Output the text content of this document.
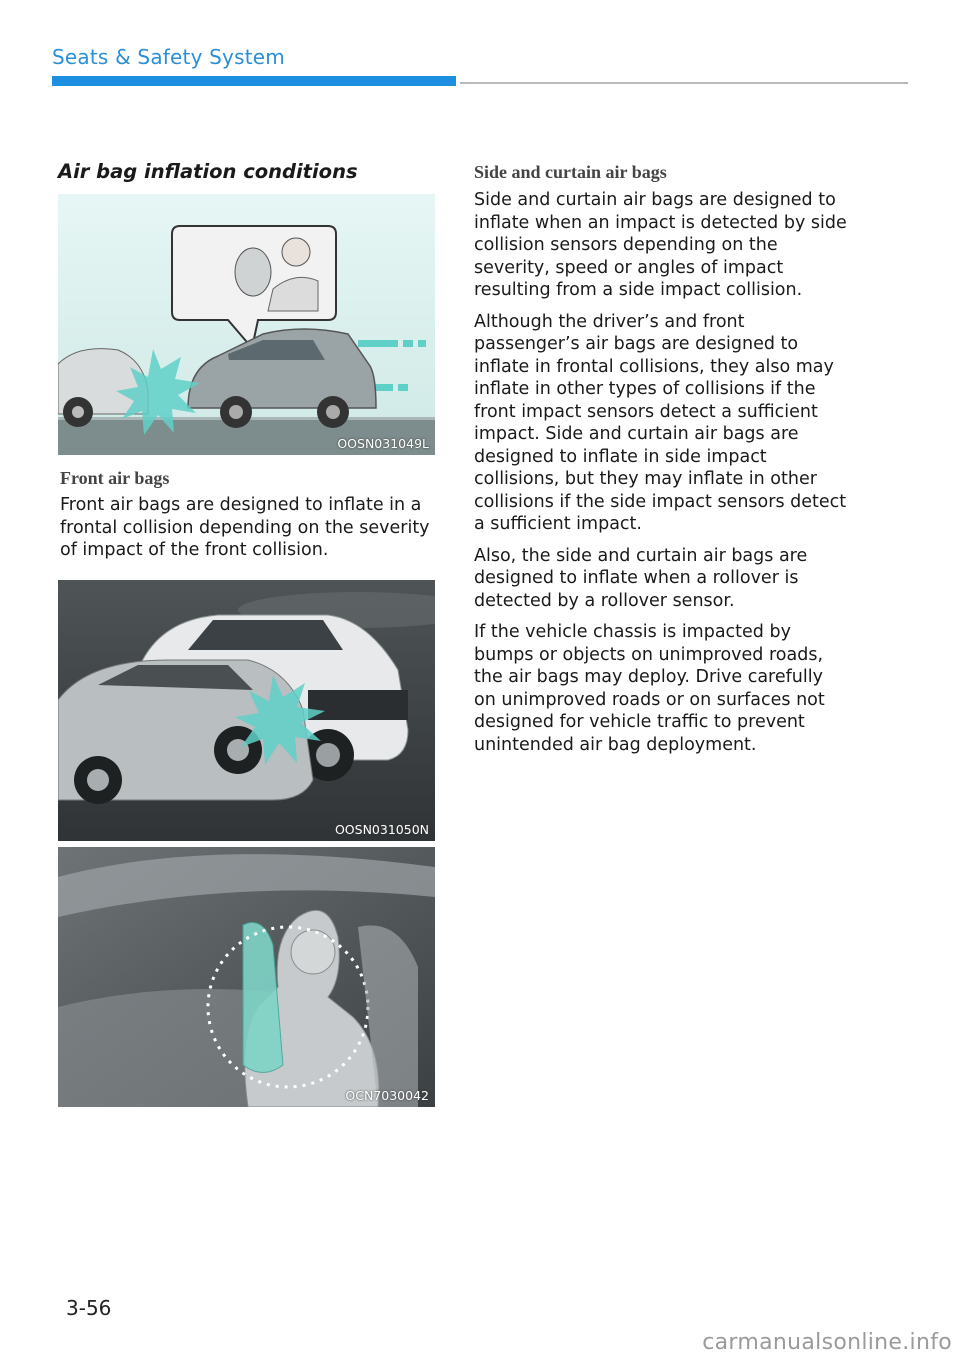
Seats & Safety System
Air bag inflation conditions
OOSN031049L
Front air bags

Front air bags are designed to inflate in a frontal collision depending on the severity of impact of the front collision.

OOSN031050N
OCN7030042
Side and curtain air bags

Side and curtain air bags are designed to inflate when an impact is detected by side collision sensors depending on the severity, speed or angles of impact resulting from a side impact collision.

Although the driver’s and front passenger’s air bags are designed to inflate in frontal collisions, they also may inflate in other types of collisions if the front impact sensors detect a sufficient impact. Side and curtain air bags are designed to inflate in side impact collisions, but they may inflate in other collisions if the side impact sensors detect a sufficient impact.

Also, the side and curtain air bags are designed to inflate when a rollover is detected by a rollover sensor.

If the vehicle chassis is impacted by bumps or objects on unimproved roads, the air bags may deploy. Drive carefully on unimproved roads or on surfaces not designed for vehicle traffic to prevent unintended air bag deployment.

3-56
carmanualsonline.info
